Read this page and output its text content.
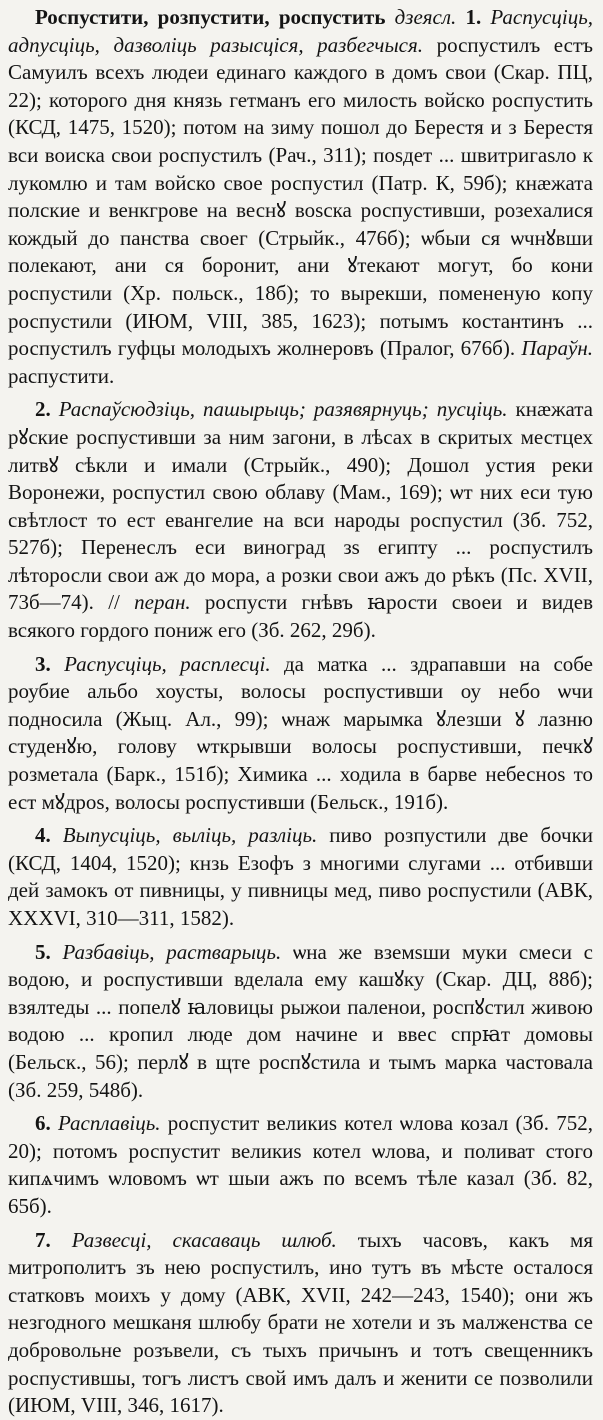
Роспустити, розпустити, роспустить дзеясл. 1. Распусціць, адпусціць, дазволіць разысціся, разбегчыся. роспустилъ естъ Самуилъ всехъ людеи единаго каждого в домъ свои (Скар. ПЦ, 22); которого дня князь гетманъ его милость войско роспустить (КСД, 1475, 1520); потом на зиму пошол до Берестя и з Берестя вси воиска свои роспустилъ (Рач., 311); поѕдет ... швитригаѕло к лукомлю и там войско свое роспустил (Патр. К, 59б); кнӕжата полские и венкгрове на веснꙋ воѕска роспустивши, розехалися кождый до панства своег (Стрыйк., 476б); ѡбыи ся ѡчнꙋвши полекают, ани ся боронит, ани ꙋтекают могут, бо кони роспустили (Хр. польск., 18б); то вырекши, помененую копу роспустили (ИЮМ, VIII, 385, 1623); потымъ костантинъ ... роспустилъ гуфцы молодыхъ жолнеровъ (Пралог, 676б). Параўн. распустити.

2. Распаўсюдзіць, пашырыць; разявярнуць; пусціць. кнӕжата рꙋские роспустивши за ним загони, в лѣсах в скритых местцех литвꙋ сѣкли и имали (Стрыйк., 490); Дошол устия реки Воронежи, роспустил свою облаву (Мам., 169); ѡт них еси тую свѣтлост то ест евангелие на вси народы роспустил (Зб. 752, 527б); Перенеслъ еси виноград зѕ египту ... роспустилъ лѣторосли свои аж до мора, а розки свои ажъ до рѣкъ (Пс. XVII, 73б—74). // перан. роспусти гнѣвъ ꙗрости своеи и видев всякого гордого пониж его (Зб. 262, 29б).

3. Распусціць, расплесці. да матка ... здрапавши на собе роубие альбо хоусты, волосы роспустивши оу небо ѡчи подносила (Жыц. Ал., 99); ѡнаж марымка ꙋлезши ꙋ лазню студенꙋю, голову ѡткрывши волосы роспустивши, печкꙋ розметала (Барк., 151б); Химика ... ходила в барве небесноѕ то ест мꙋдроѕ, волосы роспустивши (Бельск., 191б).

4. Выпусціць, выліць, разліць. пиво розпустили две бочки (КСД, 1404, 1520); кнзь Езофъ з многими слугами ... отбивши дей замокъ от пивницы, у пивницы мед, пиво роспустили (АВК, XXXVI, 310—311, 1582).

5. Разбавіць, растварыць. ѡна же вземѕши муки смеси с водою, и роспустивши вделала ему кашꙋку (Скар. ДЦ, 88б); взялтеды ... попелꙋ ꙗловицы рыжои паленои, роспꙋстил живою водою ... кропил люде дом начине и ввес спрꙗт домовы (Бельск., 56); перлꙋ в щте роспꙋстила и тымъ марка частовала (Зб. 259, 548б).

6. Расплавіць. роспустит великиѕ котел ѡлова козал (Зб. 752, 20); потомъ роспустит великиѕ котел ѡлова, и поливат стого кипѧчимъ ѡловомъ ѡт шыи ажъ по всемъ тѣле казал (Зб. 82, 65б).

7. Развесці, скасаваць шлюб. тыхъ часовъ, какъ мя митрополитъ зъ нею роспустилъ, ино тутъ въ мѣсте осталося статковъ моихъ у дому (АВК, XVII, 242—243, 1540); они жъ незгодного мешканя шлюбу брати не хотели и зъ малженства се добровольне розъвели, съ тыхъ причынъ и тотъ свещенникъ роспустившы, тогъ листъ свой имъ далъ и женити се позволили (ИЮМ, VIII, 346, 1617).
